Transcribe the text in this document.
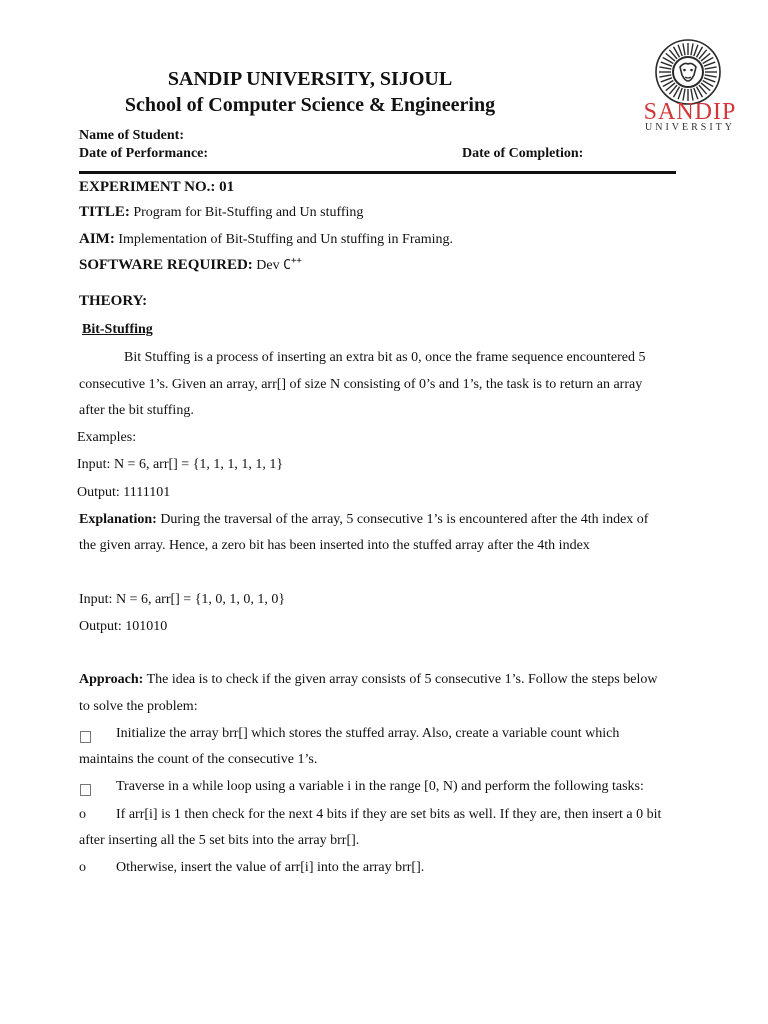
SANDIP UNIVERSITY, SIJOUL
School of Computer Science & Engineering	SANDIP
UNIVERSITY
Name of Student:
Date of Performance:	Date of Completion:
EXPERIMENT NO.: 01
TITLE: Program for Bit-Stuffing and Un stuffing
AIM: Implementation of Bit-Stuffing and Un stuffing in Framing.
SOFTWARE REQUIRED: Dev C++
THEORY:
Bit-Stuffing
Bit Stuffing is a process of inserting an extra bit as 0, once the frame sequence encountered 5
consecutive 1’s. Given an array, arr[] of size N consisting of 0’s and 1’s, the task is to return an array
after the bit stuffing.
Examples:
Input: N = 6, arr[] = {1, 1, 1, 1, 1, 1}
Output: 1111101
Explanation: During the traversal of the array, 5 consecutive 1’s is encountered after the 4th index of
the given array. Hence, a zero bit has been inserted into the stuffed array after the 4th index
Input: N = 6, arr[] = {1, 0, 1, 0, 1, 0}
Output: 101010
Approach: The idea is to check if the given array consists of 5 consecutive 1’s. Follow the steps below
to solve the problem:
Initialize the array brr[] which stores the stuffed array. Also, create a variable count which
maintains the count of the consecutive 1’s.
Traverse in a while loop using a variable i in the range [0, N) and perform the following tasks:
o If arr[i] is 1 then check for the next 4 bits if they are set bits as well. If they are, then insert a 0 bit
after inserting all the 5 set bits into the array brr[].
o Otherwise, insert the value of arr[i] into the array brr[].
